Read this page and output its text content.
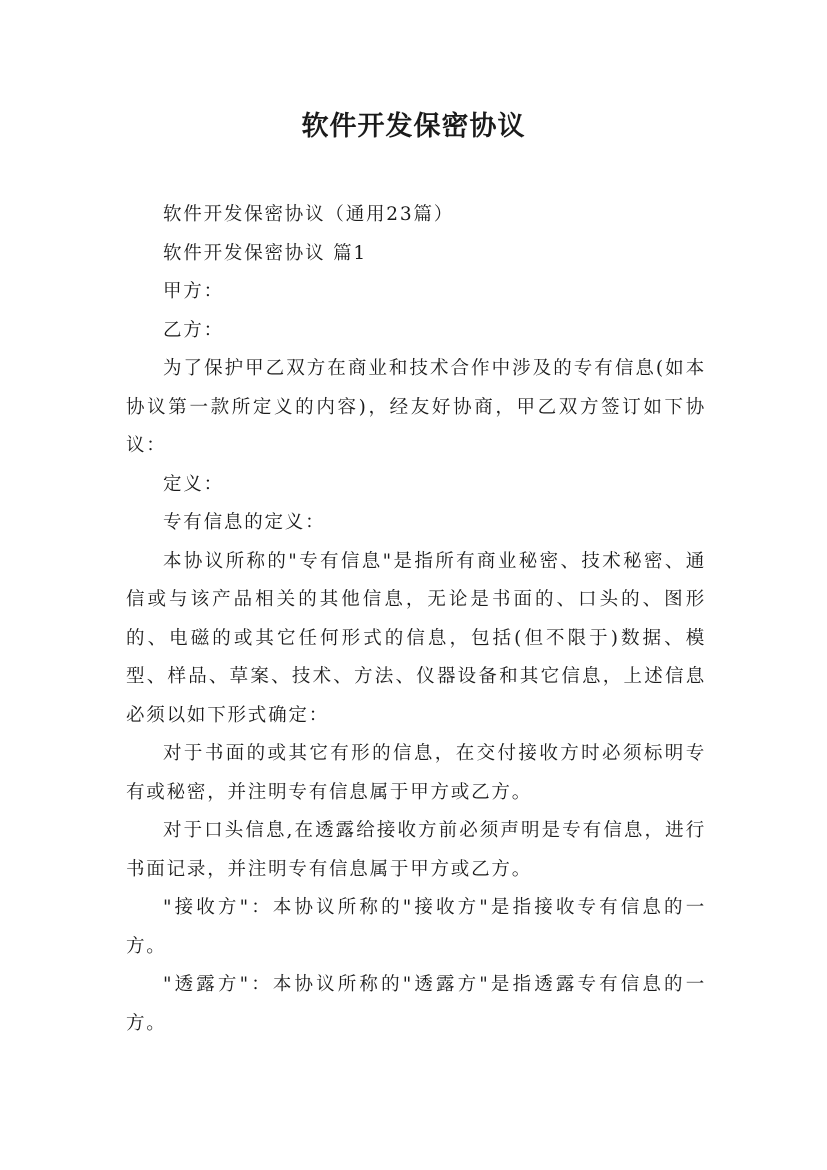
软件开发保密协议

软件开发保密协议（通用23篇）

软件开发保密协议 篇1

甲方：

乙方：

为了保护甲乙双方在商业和技术合作中涉及的专有信息(如本协议第一款所定义的内容)，经友好协商，甲乙双方签订如下协议：

定义：

专有信息的定义：

本协议所称的"专有信息"是指所有商业秘密、技术秘密、通信或与该产品相关的其他信息，无论是书面的、口头的、图形的、电磁的或其它任何形式的信息，包括(但不限于)数据、模型、样品、草案、技术、方法、仪器设备和其它信息，上述信息必须以如下形式确定：

对于书面的或其它有形的信息，在交付接收方时必须标明专有或秘密，并注明专有信息属于甲方或乙方。

对于口头信息,在透露给接收方前必须声明是专有信息，进行书面记录，并注明专有信息属于甲方或乙方。

"接收方"：本协议所称的"接收方"是指接收专有信息的一方。

"透露方"：本协议所称的"透露方"是指透露专有信息的一方。
